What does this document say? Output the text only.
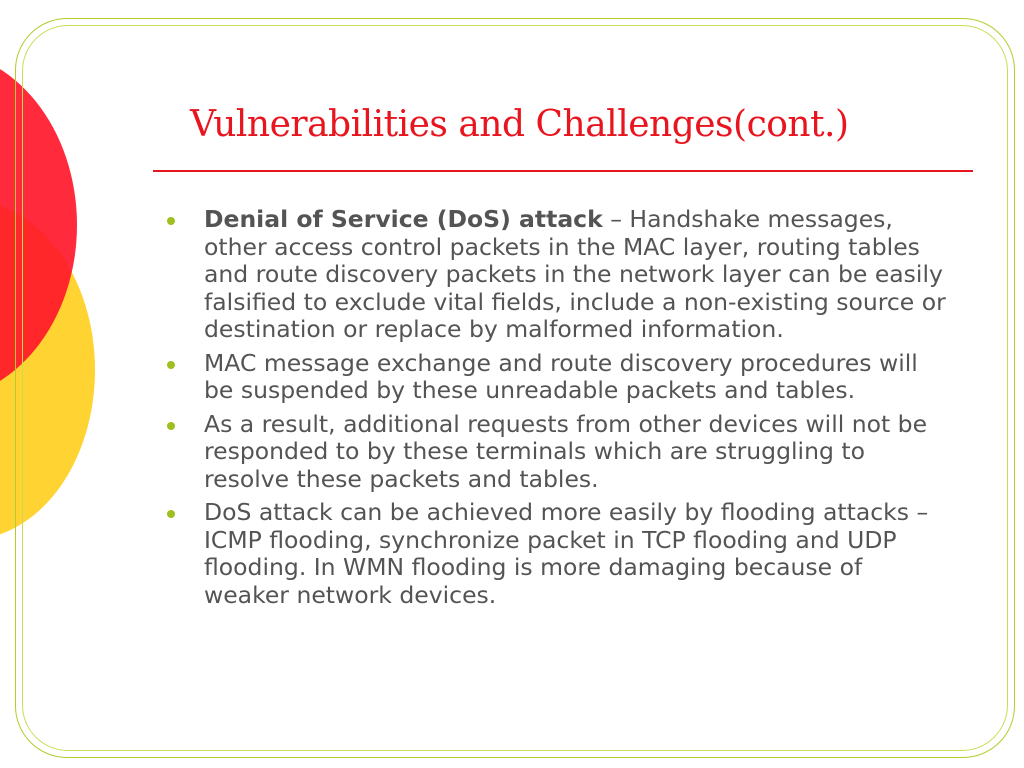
Vulnerabilities and Challenges(cont.)
Denial of Service (DoS) attack – Handshake messages, other access control packets in the MAC layer, routing tables and route discovery packets in the network layer can be easily falsified to exclude vital fields, include a non-existing source or destination or replace by malformed information.
MAC message exchange and route discovery procedures will be suspended by these unreadable packets and tables.
As a result, additional requests from other devices will not be responded to by these terminals which are struggling to resolve these packets and tables.
DoS attack can be achieved more easily by flooding attacks – ICMP flooding, synchronize packet in TCP flooding and UDP flooding. In WMN flooding is more damaging because of weaker network devices.
